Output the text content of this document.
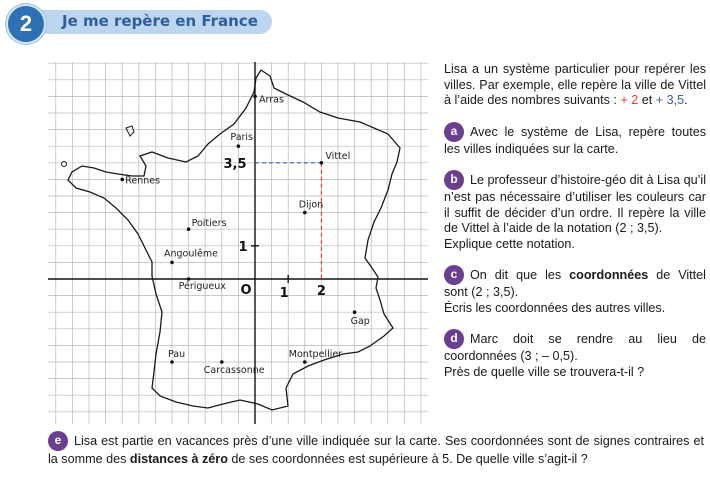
2	Je me repère en France
Arras
Paris
Vittel
Rennes
Dijon
Poitiers
Angoulême
Périgueux
Gap
Pau
Carcassonne
Montpellier
O 1
1
2
3,5

Lisa a un système particulier pour repérer les villes. Par exemple, elle repère la ville de Vittel à l’aide des nombres suivants : + 2 et + 3,5.

a Avec le système de Lisa, repère toutes les villes indiquées sur la carte.

b Le professeur d’histoire-géo dit à Lisa qu’il n’est pas nécessaire d’utiliser les couleurs car il suffit de décider d’un ordre. Il repère la ville de Vittel à l’aide de la notation (2 ; 3,5).
Explique cette notation.

c On dit que les coordonnées de Vittel sont (2 ; 3,5).
Écris les coordonnées des autres villes.

d Marc doit se rendre au lieu de coordonnées (3 ; – 0,5).
Près de quelle ville se trouvera-t-il ?

e Lisa est partie en vacances près d’une ville indiquée sur la carte. Ses coordonnées sont de signes contraires et la somme des distances à zéro de ses coordonnées est supérieure à 5. De quelle ville s’agit-il ?
